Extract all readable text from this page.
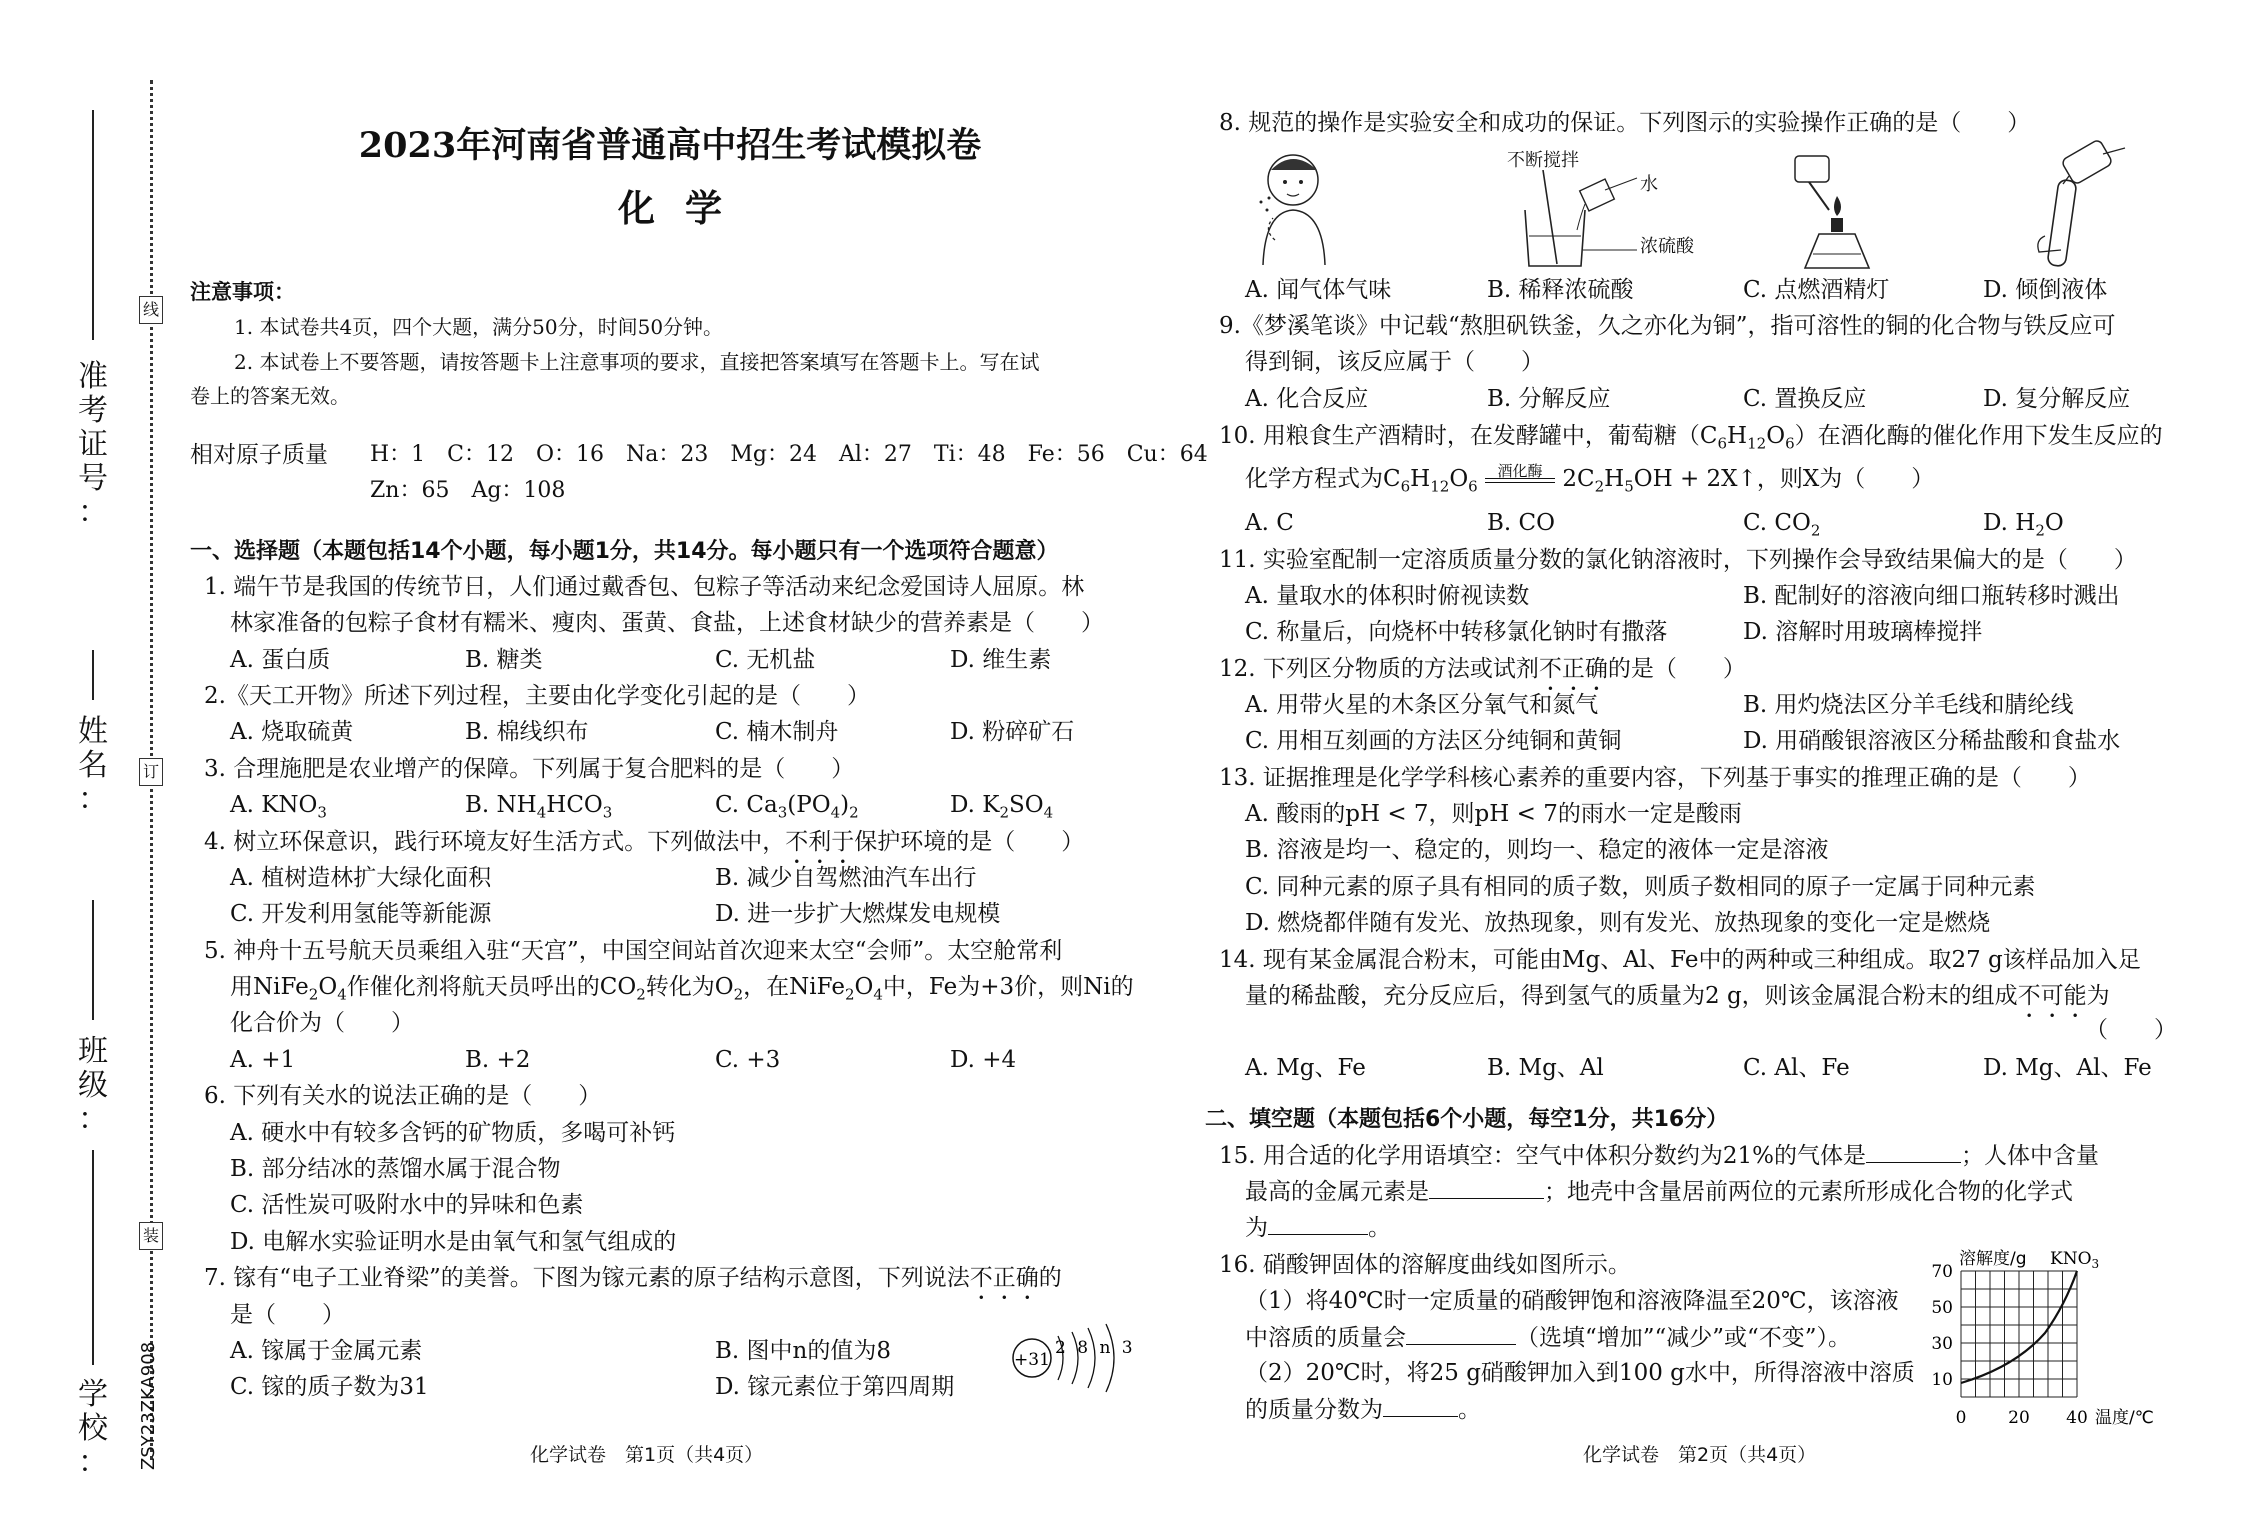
线
订
装
准
考
证
号
：
姓
名
：
班
级
：
学
校
：	ZSY23ZKA908
2023年河南省普通高中招生考试模拟卷
化学
注意事项：
1. 本试卷共4页，四个大题，满分50分，时间50分钟。
2. 本试卷上不要答题，请按答题卡上注意事项的要求，直接把答案填写在答题卡上。写在试
卷上的答案无效。
相对原子质量 H：1　C：12　O：16　Na：23　Mg：24　Al：27　Ti：48　Fe：56　Cu：64
Zn：65　Ag：108
一、选择题（本题包括14个小题，每小题1分，共14分。每小题只有一个选项符合题意）
1. 端午节是我国的传统节日，人们通过戴香包、包粽子等活动来纪念爱国诗人屈原。林
林家准备的包粽子食材有糯米、瘦肉、蛋黄、食盐，上述食材缺少的营养素是（　　）
A. 蛋白质	B. 糖类	C. 无机盐	D. 维生素
2.《天工开物》所述下列过程，主要由化学变化引起的是（　　）
A. 烧取硫黄	B. 棉线织布	C. 楠木制舟	D. 粉碎矿石
3. 合理施肥是农业增产的保障。下列属于复合肥料的是（　　）
A. $KNO_3$	B. $NH_4HCO_3$	C. $Ca_3(PO_4)_2$	D. $K_2SO_4$
4. 树立环保意识，践行环境友好生活方式。下列做法中，不利于保护环境的是（　　）
A. 植树造林扩大绿化面积	B. 减少自驾燃油汽车出行
C. 开发利用氢能等新能源	D. 进一步扩大燃煤发电规模
5. 神舟十五号航天员乘组入驻“天宫”，中国空间站首次迎来太空“会师”。太空舱常利
用$NiFe_2O_4$作催化剂将航天员呼出的$CO_2$转化为$O_2$，在$NiFe_2O_4$中，Fe为+3价，则Ni的
化合价为（　　）
A. +1	B. +2	C. +3	D. +4
6. 下列有关水的说法正确的是（　　）
A. 硬水中有较多含钙的矿物质，多喝可补钙
B. 部分结冰的蒸馏水属于混合物
C. 活性炭可吸附水中的异味和色素
D. 电解水实验证明水是由氧气和氢气组成的
7. 镓有“电子工业脊梁”的美誉。下图为镓元素的原子结构示意图，下列说法不正确的
是（　　）
A. 镓属于金属元素	B. 图中n的值为8
C. 镓的质子数为31	D. 镓元素位于第四周期
+31
2 8 n 3
化学试卷　第1页（共4页）
8. 规范的操作是实验安全和成功的保证。下列图示的实验操作正确的是（　　）
不断搅拌
水
浓硫酸
A. 闻气体气味	B. 稀释浓硫酸	C. 点燃酒精灯	D. 倾倒液体
9.《梦溪笔谈》中记载“熬胆矾铁釜，久之亦化为铜”，指可溶性的铜的化合物与铁反应可
得到铜，该反应属于（　　）
A. 化合反应	B. 分解反应	C. 置换反应	D. 复分解反应
10. 用粮食生产酒精时，在发酵罐中，葡萄糖$(C_6H_{12}O_6)$在酒化酶的催化作用下发生反应的
化学方程式为$C_6H_{12}O_6$
酒化酶 $2C_2H_5OH$ + 2X↑，则X为（　　）
A. C	B. CO	C. $CO_2$	D. $H_2O$
11. 实验室配制一定溶质质量分数的氯化钠溶液时，下列操作会导致结果偏大的是（　　）
A. 量取水的体积时俯视读数	B. 配制好的溶液向细口瓶转移时溅出
C. 称量后，向烧杯中转移氯化钠时有撒落	D. 溶解时用玻璃棒搅拌
12. 下列区分物质的方法或试剂不正确的是（　　）
A. 用带火星的木条区分氧气和氮气	B. 用灼烧法区分羊毛线和腈纶线
C. 用相互刻画的方法区分纯铜和黄铜	D. 用硝酸银溶液区分稀盐酸和食盐水
13. 证据推理是化学学科核心素养的重要内容，下列基于事实的推理正确的是（　　）
A. 酸雨的pH < 7，则pH < 7的雨水一定是酸雨
B. 溶液是均一、稳定的，则均一、稳定的液体一定是溶液
C. 同种元素的原子具有相同的质子数，则质子数相同的原子一定属于同种元素
D. 燃烧都伴随有发光、放热现象，则有发光、放热现象的变化一定是燃烧
14. 现有某金属混合粉末，可能由Mg、Al、Fe中的两种或三种组成。取27 g该样品加入足
量的稀盐酸，充分反应后，得到氢气的质量为2 g，则该金属混合粉末的组成不可能为
（　　）
A. Mg、Fe	B. Mg、Al	C. Al、Fe	D. Mg、Al、Fe
二、填空题（本题包括6个小题，每空1分，共16分）
15. 用合适的化学用语填空：空气中体积分数约为21%的气体是	；人体中含量
最高的金属元素是	；地壳中含量居前两位的元素所形成化合物的化学式
为	。
16. 硝酸钾固体的溶解度曲线如图所示。
（1）将40℃时一定质量的硝酸钾饱和溶液降温至20℃，该溶液
中溶质的质量会	（选填“增加”“减少”或“不变”）。
（2）20℃时，将25 g硝酸钾加入到100 g水中，所得溶液中溶质
的质量分数为	。
溶解度/g $KNO_3$
70
50
30
10
0 20 40 温度/℃
化学试卷　第2页（共4页）
